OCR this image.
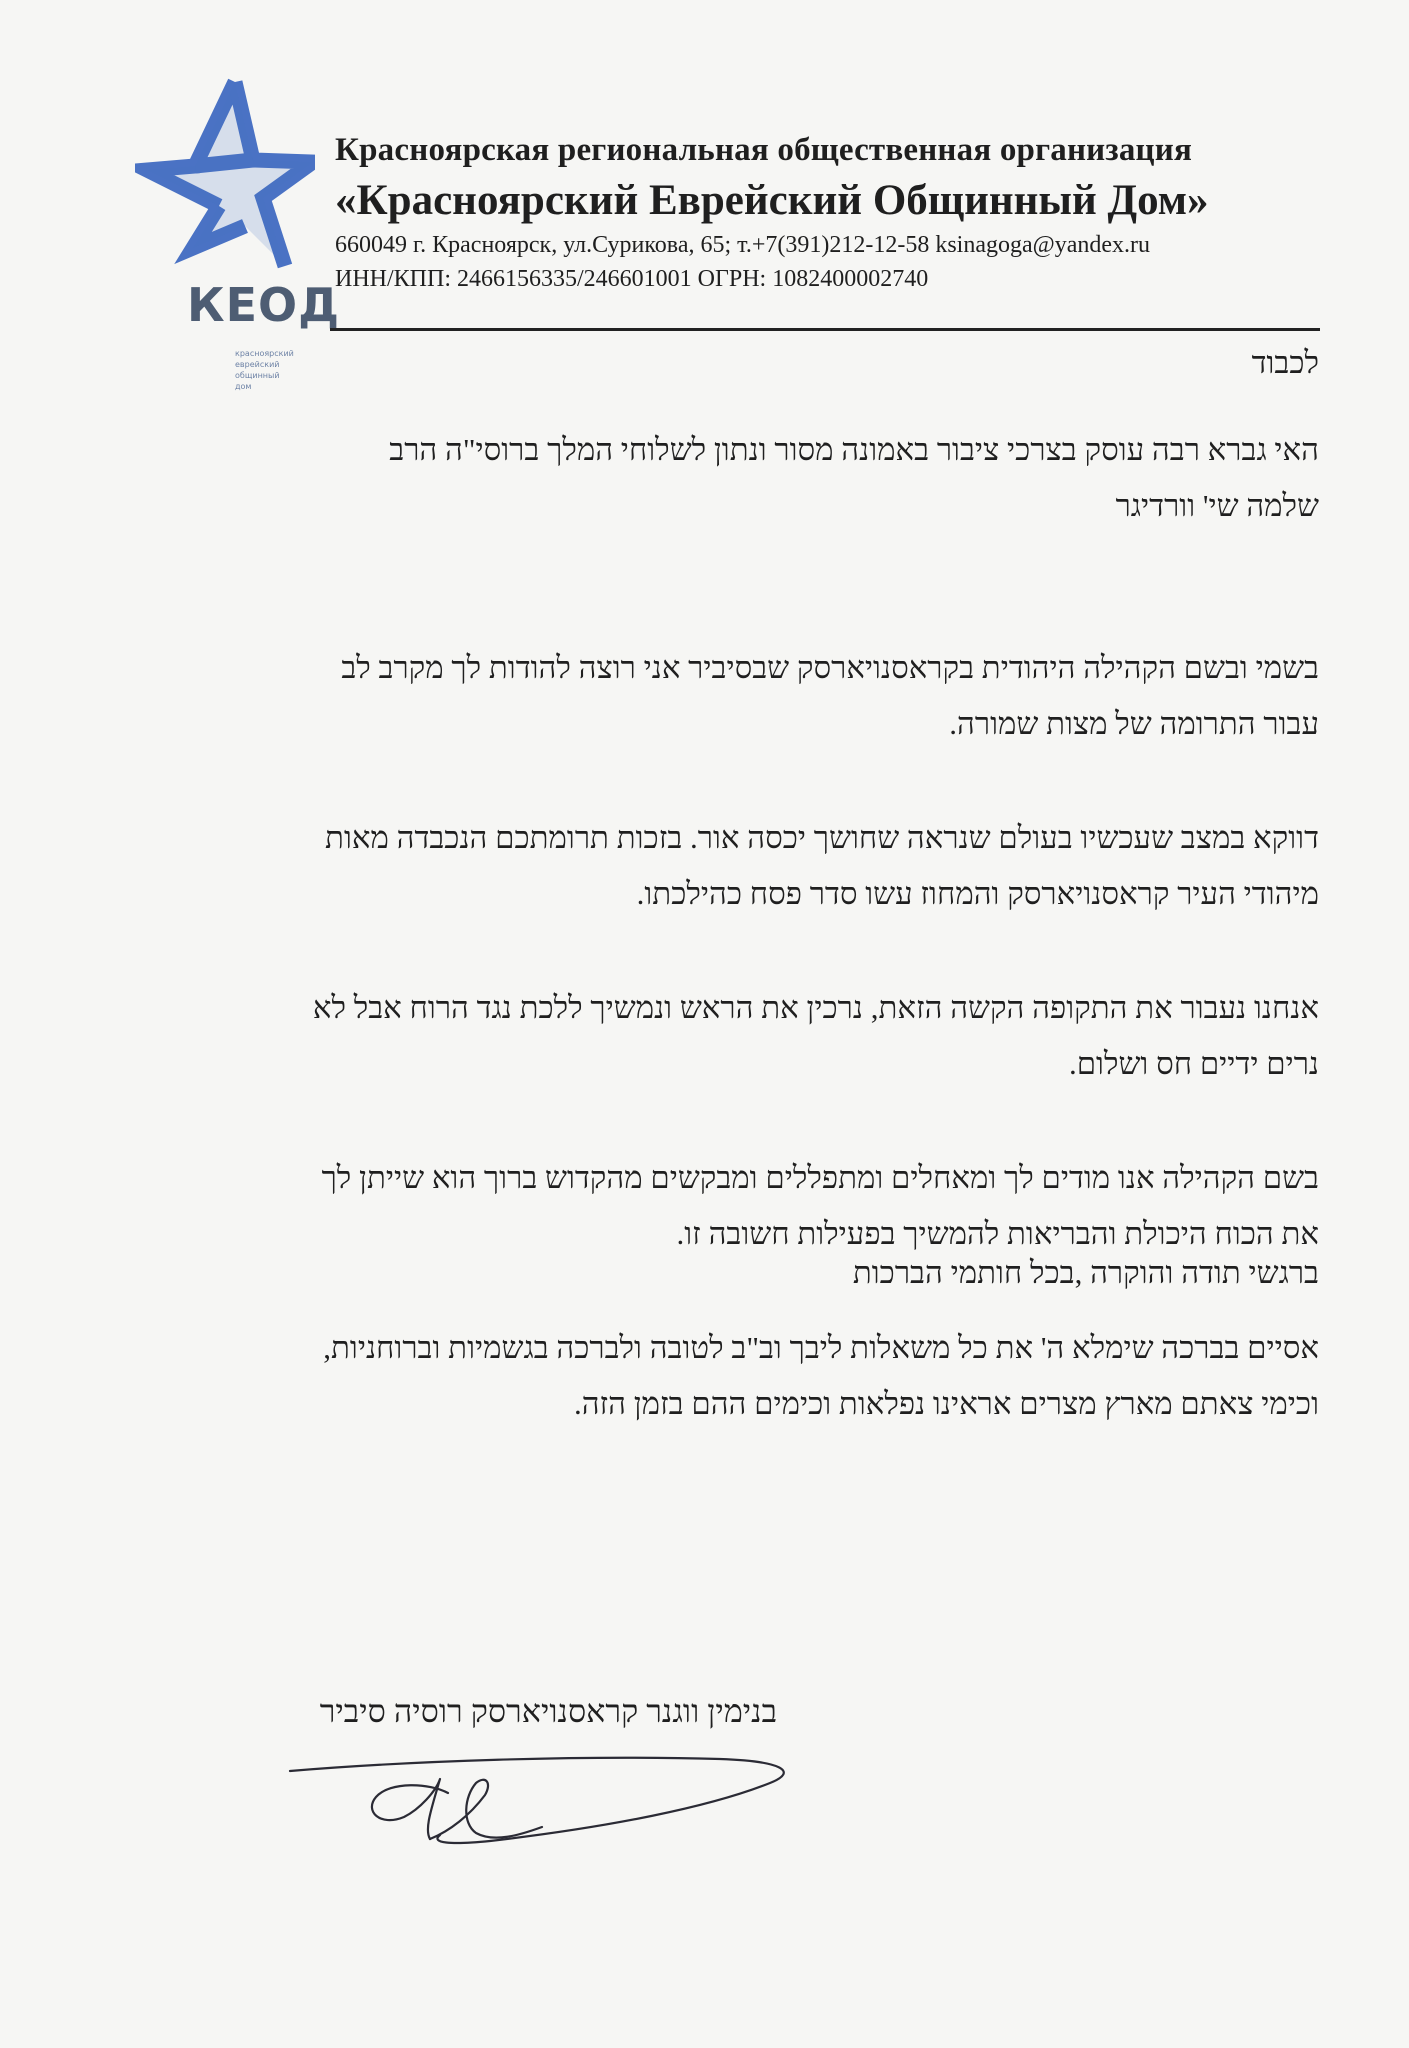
КЕОД
красноярский
еврейский
общинный
дом
Красноярская региональная общественная организация
«Красноярский Еврейский Общинный Дом»
660049 г. Красноярск, ул.Сурикова, 65; т.+7(391)212-12-58 ksinagoga@yandex.ru
ИНН/КПП: 2466156335/246601001 ОГРН: 1082400002740
לכבוד
האי גברא רבה עוסק בצרכי ציבור באמונה מסור ונתון לשלוחי המלך ברוסי"ה הרב
שלמה שי' וורדיגר
בשמי ובשם הקהילה היהודית בקראסנויארסק שבסיביר אני רוצה להודות לך מקרב לב
עבור התרומה של מצות שמורה.
דווקא במצב שעכשיו בעולם שנראה שחושך יכסה אור. בזכות תרומתכם הנכבדה מאות
מיהודי העיר קראסנויארסק והמחוז עשו סדר פסח כהילכתו.
אנחנו נעבור את התקופה הקשה הזאת, נרכין את הראש ונמשיך ללכת נגד הרוח אבל לא
נרים ידיים חס ושלום.
בשם הקהילה אנו מודים לך ומאחלים ומתפללים ומבקשים מהקדוש ברוך הוא שייתן לך
את הכוח היכולת והבריאות להמשיך בפעילות חשובה זו.
אסיים בברכה שימלא ה' את כל משאלות ליבך וב"ב לטובה ולברכה בגשמיות וברוחניות,
וכימי צאתם מארץ מצרים אראינו נפלאות וכימים ההם בזמן הזה.
ברגשי תודה והוקרה ,בכל חותמי הברכות
בנימין ווגנר קראסנויארסק רוסיה סיביר
